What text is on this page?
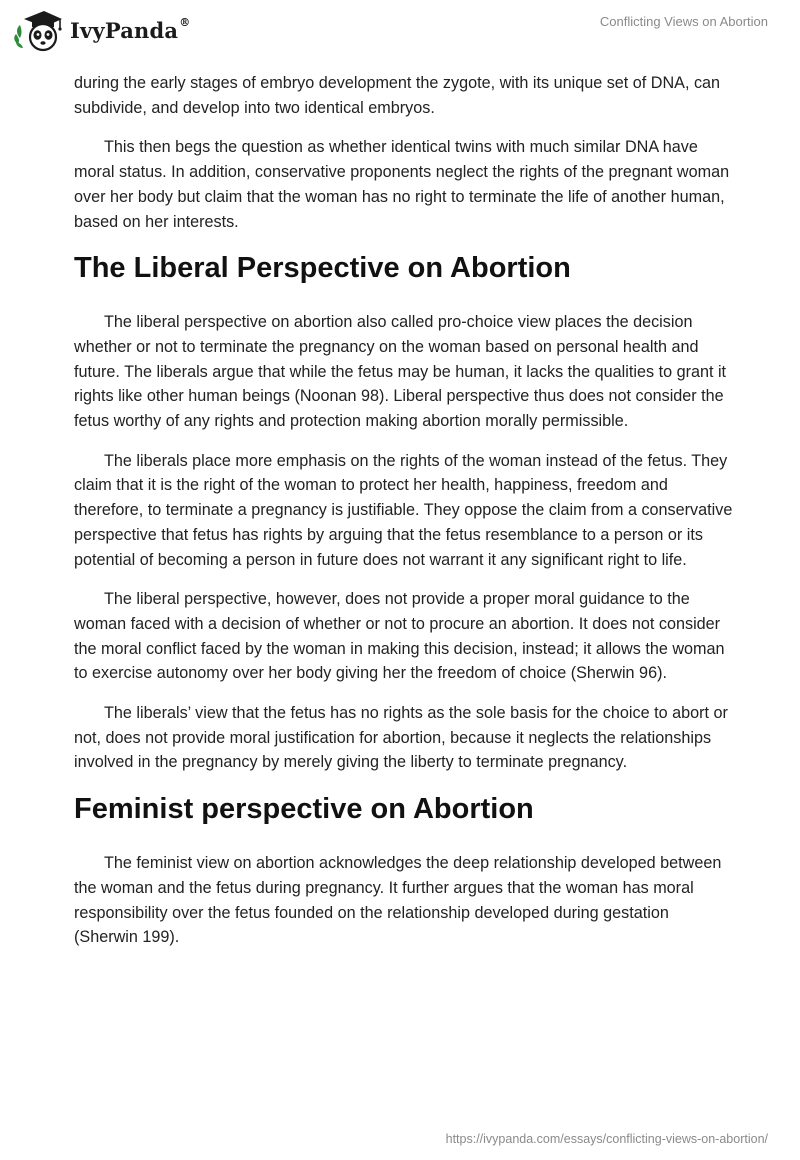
IvyPanda®	Conflicting Views on Abortion

during the early stages of embryo development the zygote, with its unique set of DNA, can subdivide, and develop into two identical embryos.

This then begs the question as whether identical twins with much similar DNA have moral status. In addition, conservative proponents neglect the rights of the pregnant woman over her body but claim that the woman has no right to terminate the life of another human, based on her interests.

The Liberal Perspective on Abortion

The liberal perspective on abortion also called pro-choice view places the decision whether or not to terminate the pregnancy on the woman based on personal health and future. The liberals argue that while the fetus may be human, it lacks the qualities to grant it rights like other human beings (Noonan 98). Liberal perspective thus does not consider the fetus worthy of any rights and protection making abortion morally permissible.

The liberals place more emphasis on the rights of the woman instead of the fetus. They claim that it is the right of the woman to protect her health, happiness, freedom and therefore, to terminate a pregnancy is justifiable. They oppose the claim from a conservative perspective that fetus has rights by arguing that the fetus resemblance to a person or its potential of becoming a person in future does not warrant it any significant right to life.

The liberal perspective, however, does not provide a proper moral guidance to the woman faced with a decision of whether or not to procure an abortion. It does not consider the moral conflict faced by the woman in making this decision, instead; it allows the woman to exercise autonomy over her body giving her the freedom of choice (Sherwin 96).

The liberals’ view that the fetus has no rights as the sole basis for the choice to abort or not, does not provide moral justification for abortion, because it neglects the relationships involved in the pregnancy by merely giving the liberty to terminate pregnancy.

Feminist perspective on Abortion

The feminist view on abortion acknowledges the deep relationship developed between the woman and the fetus during pregnancy. It further argues that the woman has moral responsibility over the fetus founded on the relationship developed during gestation (Sherwin 199).

https://ivypanda.com/essays/conflicting-views-on-abortion/
